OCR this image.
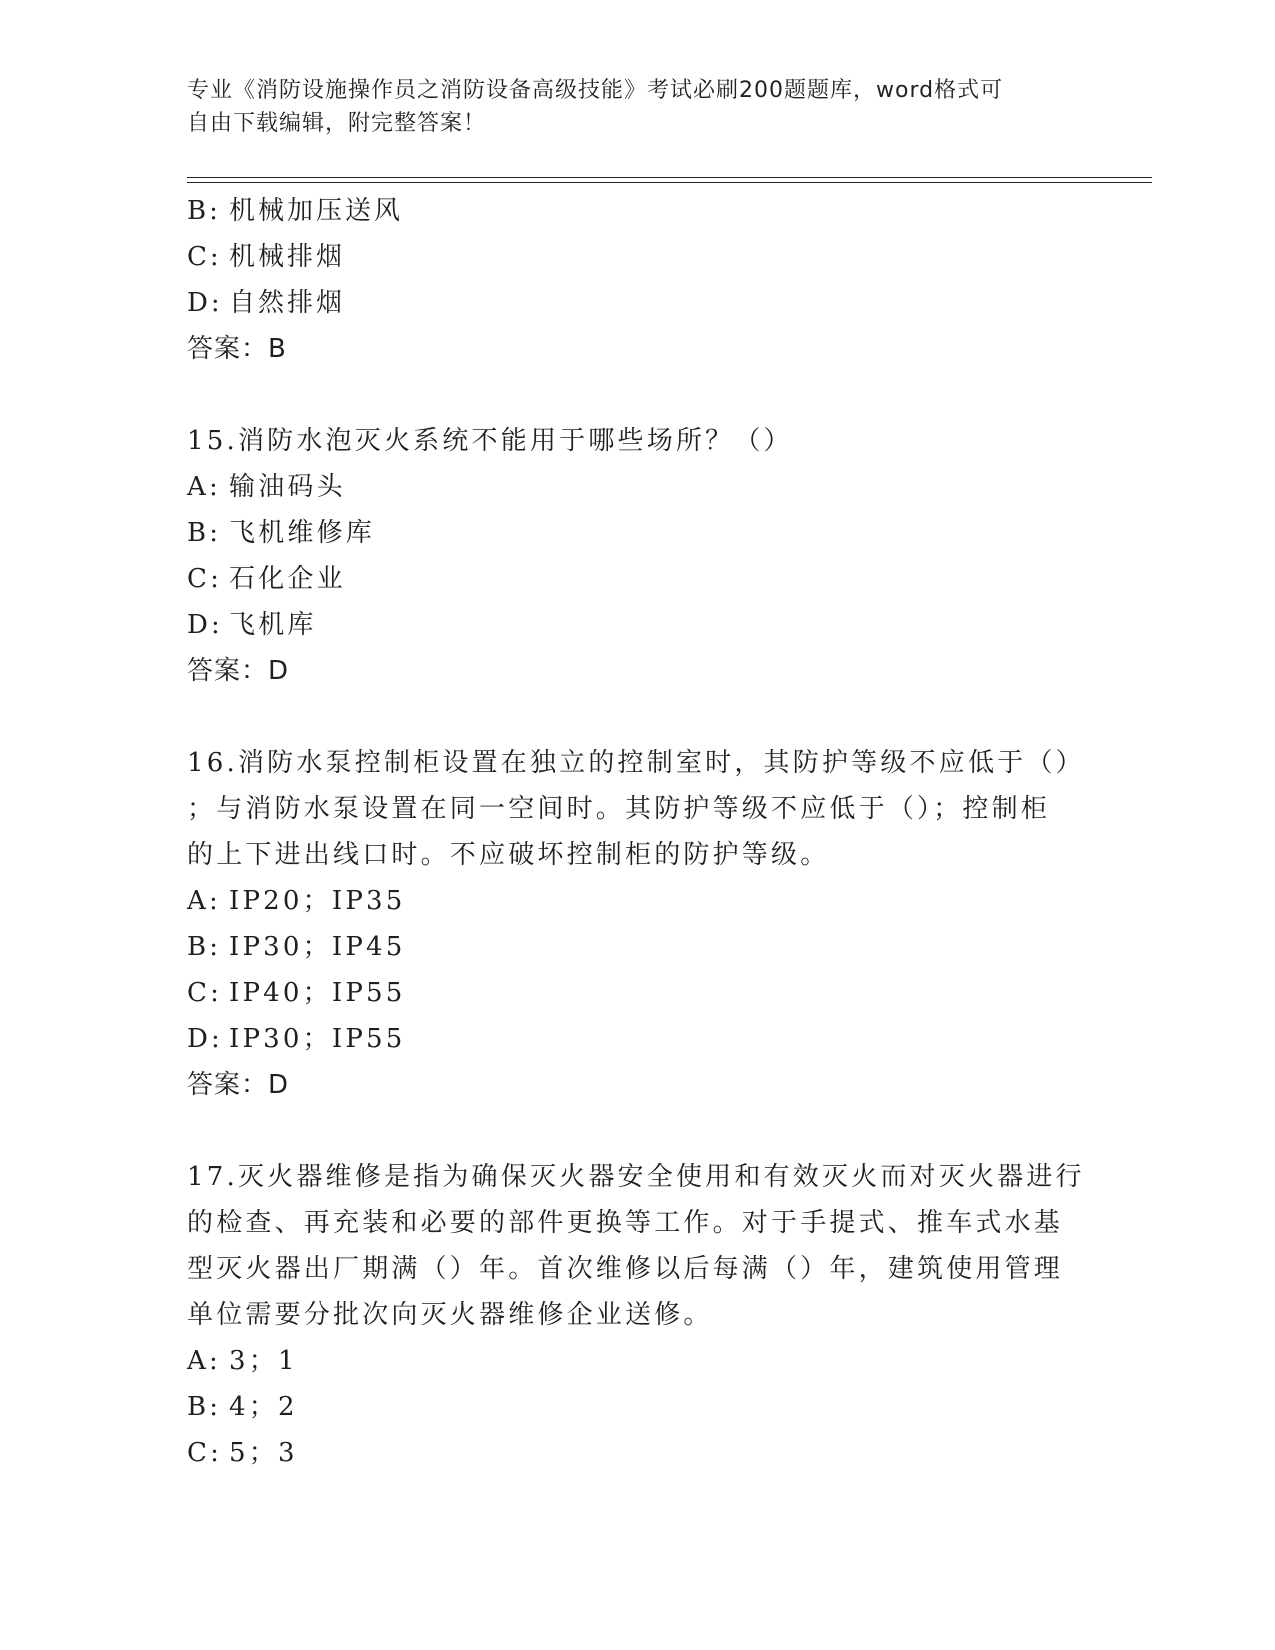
专业《消防设施操作员之消防设备高级技能》考试必刷200题题库，word格式可
自由下载编辑，附完整答案！
B: 机械加压送风
C: 机械排烟
D: 自然排烟
答案：B
15.消防水泡灭火系统不能用于哪些场所？（）
A: 输油码头
B: 飞机维修库
C: 石化企业
D: 飞机库
答案：D
16.消防水泵控制柜设置在独立的控制室时，其防护等级不应低于（）
；与消防水泵设置在同一空间时。其防护等级不应低于（）；控制柜
的上下进出线口时。不应破坏控制柜的防护等级。
A: IP20；IP35
B: IP30；IP45
C: IP40；IP55
D: IP30；IP55
答案：D
17.灭火器维修是指为确保灭火器安全使用和有效灭火而对灭火器进行
的检查、再充装和必要的部件更换等工作。对于手提式、推车式水基
型灭火器出厂期满（）年。首次维修以后每满（）年，建筑使用管理
单位需要分批次向灭火器维修企业送修。
A: 3；1
B: 4；2
C: 5；3
